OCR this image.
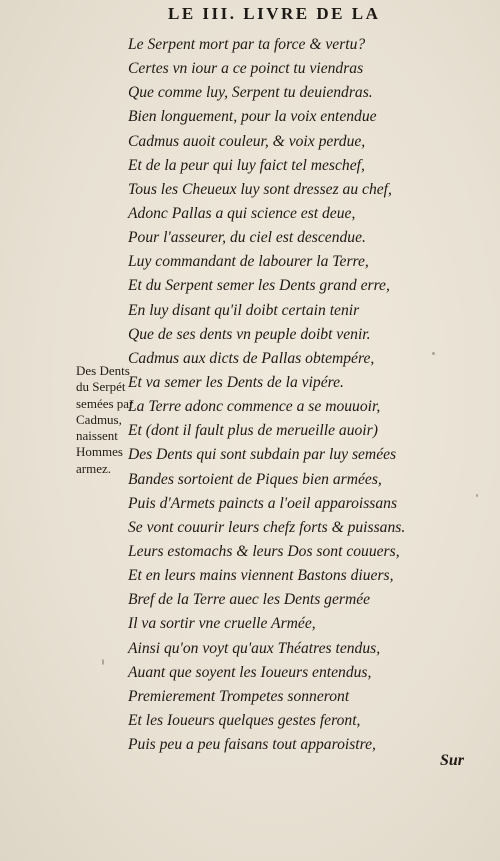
LE III. LIVRE DE LA
Le Serpent mort par ta force & vertu?
Certes vn iour a ce poinct tu viendras
Que comme luy, Serpent tu deuiendras.
Bien longuement, pour la voix entendue
Cadmus auoit couleur, & voix perdue,
Et de la peur qui luy faict tel meschef,
Tous les Cheueux luy sont dressez au chef,
Adonc Pallas a qui science est deue,
Pour l'asseurer, du ciel est descendue.
Luy commandant de labourer la Terre,
Et du Serpent semer les Dents grand erre,
En luy disant qu'il doibt certain tenir
Que de ses dents vn peuple doibt venir.
Cadmus aux dicts de Pallas obtempére,
Et va semer les Dents de la vipére.
La Terre adonc commence a se mouuoir,
Et (dont il fault plus de merueille auoir)
Des Dents qui sont subdain par luy semées
Bandes sortoient de Piques bien armées,
Puis d'Armets paincts a l'oeil apparoissans
Se vont couurir leurs chefz forts & puissans.
Leurs estomachs & leurs Dos sont couuers,
Et en leurs mains viennent Bastons diuers,
Bref de la Terre auec les Dents germée
Il va sortir vne cruelle Armée,
Ainsi qu'on voyt qu'aux Théatres tendus,
Auant que soyent les Ioueurs entendus,
Premierement Trompetes sonneront
Et les Ioueurs quelques gestes feront,
Puis peu a peu faisans tout apparoistre,
Des Dents
du Serpét
semées par
Cadmus,
naissent
Hommes
armez.
Sur
